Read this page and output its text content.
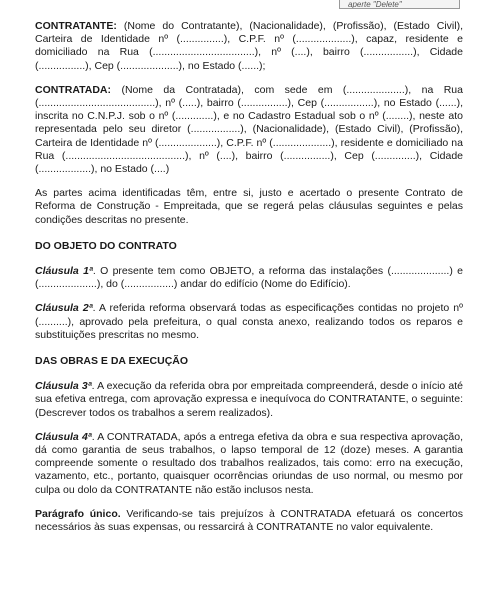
aperte "Delete"

CONTRATANTE: (Nome do Contratante), (Nacionalidade), (Profissão), (Estado Civil), Carteira de Identidade nº (...............), C.P.F. nº (...................), capaz, residente e domiciliado na Rua (...................................), nº (....), bairro (.................), Cidade (................), Cep (....................), no Estado (......);

CONTRATADA: (Nome da Contratada), com sede em (....................), na Rua (........................................), nº (.....), bairro (................), Cep (.................), no Estado (......), inscrita no C.N.P.J. sob o nº (.............), e no Cadastro Estadual sob o nº (........), neste ato representada pelo seu diretor (.................), (Nacionalidade), (Estado Civil), (Profissão), Carteira de Identidade nº (....................), C.P.F. nº (....................), residente e domiciliado na Rua (.........................................), nº (....), bairro (................), Cep (..............), Cidade (..................), no Estado (....)

As partes acima identificadas têm, entre si, justo e acertado o presente Contrato de Reforma de Construção - Empreitada, que se regerá pelas cláusulas seguintes e pelas condições descritas no presente.

DO OBJETO DO CONTRATO

Cláusula 1ª. O presente tem como OBJETO, a reforma das instalações (....................) e (....................), do (.................) andar do edifício (Nome do Edifício).

Cláusula 2ª. A referida reforma observará todas as especificações contidas no projeto nº (..........), aprovado pela prefeitura, o qual consta anexo, realizando todos os reparos e substituições prescritas no mesmo.

DAS OBRAS E DA EXECUÇÃO

Cláusula 3ª. A execução da referida obra por empreitada compreenderá, desde o início até sua efetiva entrega, com aprovação expressa e inequívoca do CONTRATANTE, o seguinte: (Descrever todos os trabalhos a serem realizados).

Cláusula 4ª. A CONTRATADA, após a entrega efetiva da obra e sua respectiva aprovação, dá como garantia de seus trabalhos, o lapso temporal de 12 (doze) meses. A garantia compreende somente o resultado dos trabalhos realizados, tais como: erro na execução, vazamento, etc., portanto, quaisquer ocorrências oriundas de uso normal, ou mesmo por culpa ou dolo da CONTRATANTE não estão inclusos nesta.

Parágrafo único. Verificando-se tais prejuízos à CONTRATADA efetuará os concertos necessários às suas expensas, ou ressarcirá à CONTRATANTE no valor equivalente.
